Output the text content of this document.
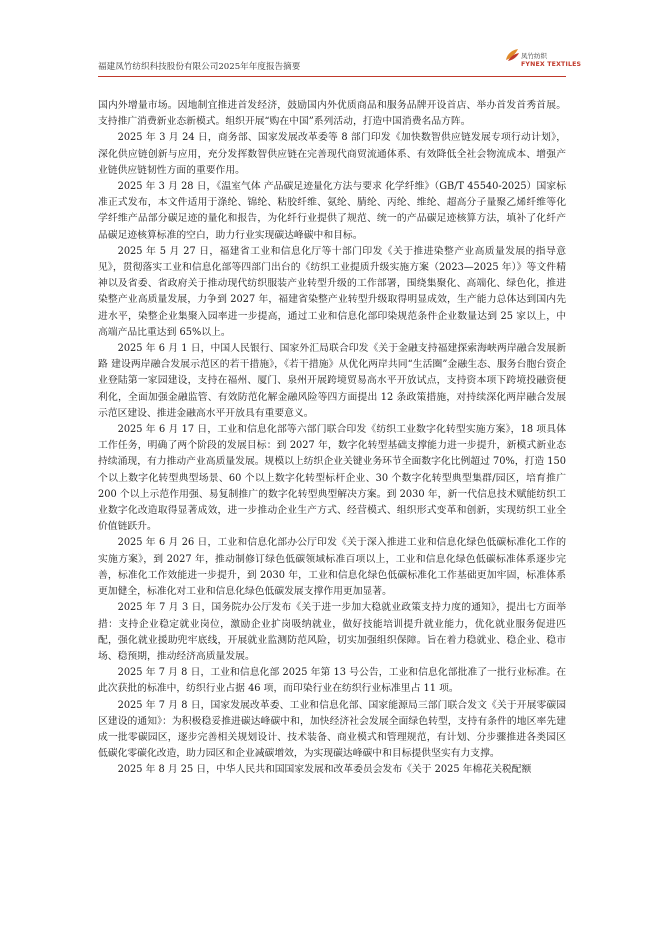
福建凤竹纺织科技股份有限公司2025年年度报告摘要
凤竹纺织
FYNEX TEXTILES

国内外增量市场。因地制宜推进首发经济，鼓励国内外优质商品和服务品牌开设首店、举办首发首秀首展。支持推广消费新业态新模式。组织开展“购在中国”系列活动，打造中国消费名品方阵。

2025 年 3 月 24 日，商务部、国家发展改革委等 8 部门印发《加快数智供应链发展专项行动计划》，深化供应链创新与应用，充分发挥数智供应链在完善现代商贸流通体系、有效降低全社会物流成本、增强产业链供应链韧性方面的重要作用。

2025 年 3 月 28 日，《温室气体 产品碳足迹量化方法与要求 化学纤维》（GB/T 45540-2025）国家标准正式发布，本文件适用于涤纶、锦纶、粘胶纤维、氨纶、腈纶、丙纶、维纶、超高分子量聚乙烯纤维等化学纤维产品部分碳足迹的量化和报告，为化纤行业提供了规范、统一的产品碳足迹核算方法，填补了化纤产品碳足迹核算标准的空白，助力行业实现碳达峰碳中和目标。

2025 年 5 月 27 日，福建省工业和信息化厅等十部门印发《关于推进染整产业高质量发展的指导意见》，贯彻落实工业和信息化部等四部门出台的《纺织工业提质升级实施方案（2023—2025 年）》等文件精神以及省委、省政府关于推动现代纺织服装产业转型升级的工作部署，围绕集聚化、高端化、绿色化，推进染整产业高质量发展，力争到 2027 年，福建省染整产业转型升级取得明显成效，生产能力总体达到国内先进水平，染整企业集聚入园率进一步提高，通过工业和信息化部印染规范条件企业数量达到 25 家以上，中高端产品比重达到 65%以上。

2025 年 6 月 1 日，中国人民银行、国家外汇局联合印发《关于金融支持福建探索海峡两岸融合发展新路 建设两岸融合发展示范区的若干措施》，《若干措施》从优化两岸共同“生活圈”金融生态、服务台胞台资企业登陆第一家园建设，支持在福州、厦门、泉州开展跨境贸易高水平开放试点，支持资本项下跨境投融资便利化，全面加强金融监管、有效防范化解金融风险等四方面提出 12 条政策措施，对持续深化两岸融合发展示范区建设、推进金融高水平开放具有重要意义。

2025 年 6 月 17 日，工业和信息化部等六部门联合印发《纺织工业数字化转型实施方案》，18 项具体工作任务，明确了两个阶段的发展目标：到 2027 年，数字化转型基础支撑能力进一步提升，新模式新业态持续涌现，有力推动产业高质量发展。规模以上纺织企业关键业务环节全面数字化比例超过 70%，打造 150 个以上数字化转型典型场景、60 个以上数字化转型标杆企业、30 个数字化转型典型集群/园区，培育推广 200 个以上示范作用强、易复制推广的数字化转型典型解决方案。到 2030 年，新一代信息技术赋能纺织工业数字化改造取得显著成效，进一步推动企业生产方式、经营模式、组织形式变革和创新，实现纺织工业全价值链跃升。

2025 年 6 月 26 日，工业和信息化部办公厅印发《关于深入推进工业和信息化绿色低碳标准化工作的实施方案》，到 2027 年，推动制修订绿色低碳领域标准百项以上，工业和信息化绿色低碳标准体系逐步完善，标准化工作效能进一步提升，到 2030 年，工业和信息化绿色低碳标准化工作基础更加牢固，标准体系更加健全，标准化对工业和信息化绿色低碳发展支撑作用更加显著。

2025 年 7 月 3 日，国务院办公厅发布《关于进一步加大稳就业政策支持力度的通知》，提出七方面举措：支持企业稳定就业岗位，激励企业扩岗吸纳就业，做好技能培训提升就业能力，优化就业服务促进匹配，强化就业援助兜牢底线，开展就业监测防范风险，切实加强组织保障。旨在着力稳就业、稳企业、稳市场、稳预期，推动经济高质量发展。

2025 年 7 月 8 日，工业和信息化部 2025 年第 13 号公告，工业和信息化部批准了一批行业标准。在此次获批的标准中，纺织行业占据 46 项，而印染行业在纺织行业标准里占 11 项。

2025 年 7 月 8 日，国家发展改革委、工业和信息化部、国家能源局三部门联合发文《关于开展零碳园区建设的通知》：为积极稳妥推进碳达峰碳中和，加快经济社会发展全面绿色转型，支持有条件的地区率先建成一批零碳园区，逐步完善相关规划设计、技术装备、商业模式和管理规范，有计划、分步骤推进各类园区低碳化零碳化改造，助力园区和企业减碳增效，为实现碳达峰碳中和目标提供坚实有力支撑。

2025 年 8 月 25 日，中华人民共和国国家发展和改革委员会发布《关于 2025 年棉花关税配额
